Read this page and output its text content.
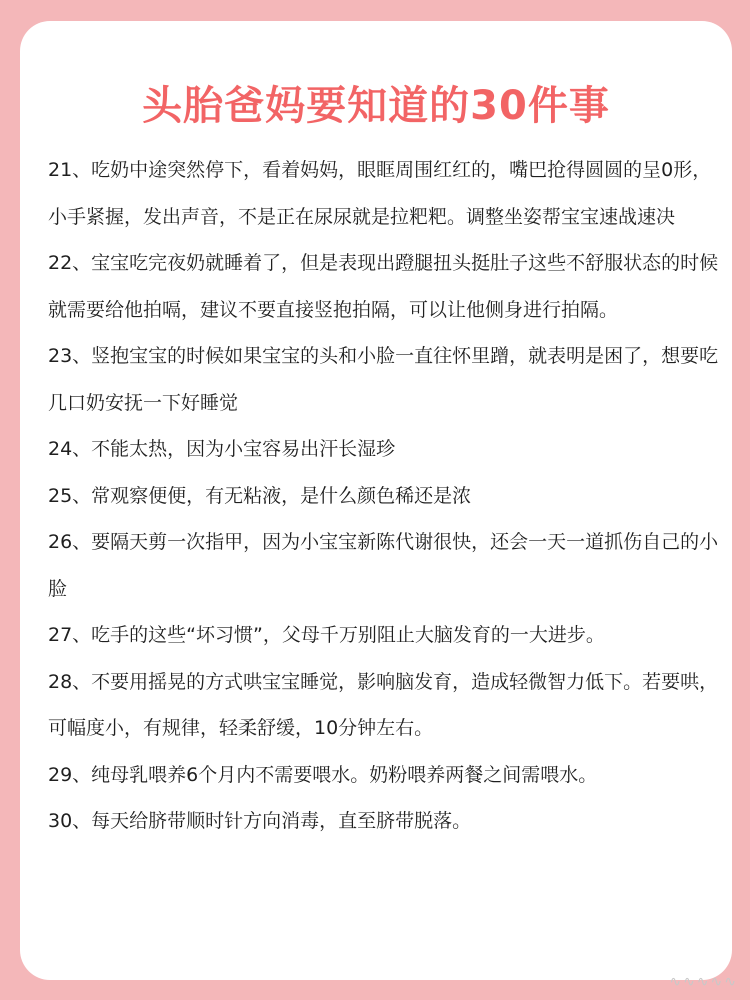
头胎爸妈要知道的30件事

21、吃奶中途突然停下，看着妈妈，眼眶周围红红的，嘴巴抢得圆圆的呈0形，小手紧握，发出声音，不是正在尿尿就是拉粑粑。调整坐姿帮宝宝速战速决

22、宝宝吃完夜奶就睡着了，但是表现出蹬腿扭头挺肚子这些不舒服状态的时候就需要给他拍嗝，建议不要直接竖抱拍隔，可以让他侧身进行拍隔。

23、竖抱宝宝的时候如果宝宝的头和小脸一直往怀里蹭，就表明是困了，想要吃几口奶安抚一下好睡觉

24、不能太热，因为小宝容易出汗长湿珍

25、常观察便便，有无粘液，是什么颜色稀还是浓

26、要隔天剪一次指甲，因为小宝宝新陈代谢很快，还会一天一道抓伤自己的小脸

27、吃手的这些“坏习惯”，父母千万别阻止大脑发育的一大进步。

28、不要用摇晃的方式哄宝宝睡觉，影响脑发育，造成轻微智力低下。若要哄，可幅度小，有规律，轻柔舒缓，10分钟左右。

29、纯母乳喂养6个月内不需要喂水。奶粉喂养两餐之间需喂水。

30、每天给脐带顺时针方向消毒，直至脐带脱落。

∿∿∿∿∿
